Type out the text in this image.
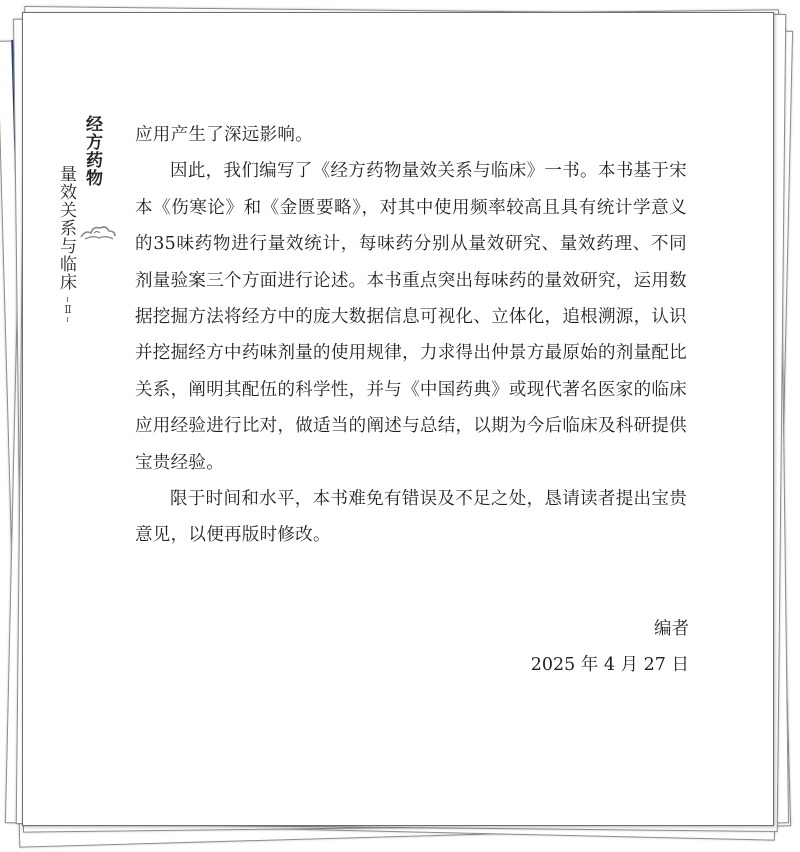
经方药物
量效关系与临床
Ⅱ

应用产生了深远影响。

因此，我们编写了《经方药物量效关系与临床》一书。本书基于宋本《伤寒论》和《金匮要略》，对其中使用频率较高且具有统计学意义的35味药物进行量效统计，每味药分别从量效研究、量效药理、不同剂量验案三个方面进行论述。本书重点突出每味药的量效研究，运用数据挖掘方法将经方中的庞大数据信息可视化、立体化，追根溯源，认识并挖掘经方中药味剂量的使用规律，力求得出仲景方最原始的剂量配比关系，阐明其配伍的科学性，并与《中国药典》或现代著名医家的临床应用经验进行比对，做适当的阐述与总结，以期为今后临床及科研提供宝贵经验。

限于时间和水平，本书难免有错误及不足之处，恳请读者提出宝贵意见，以便再版时修改。

编者
2025 年 4 月 27 日
